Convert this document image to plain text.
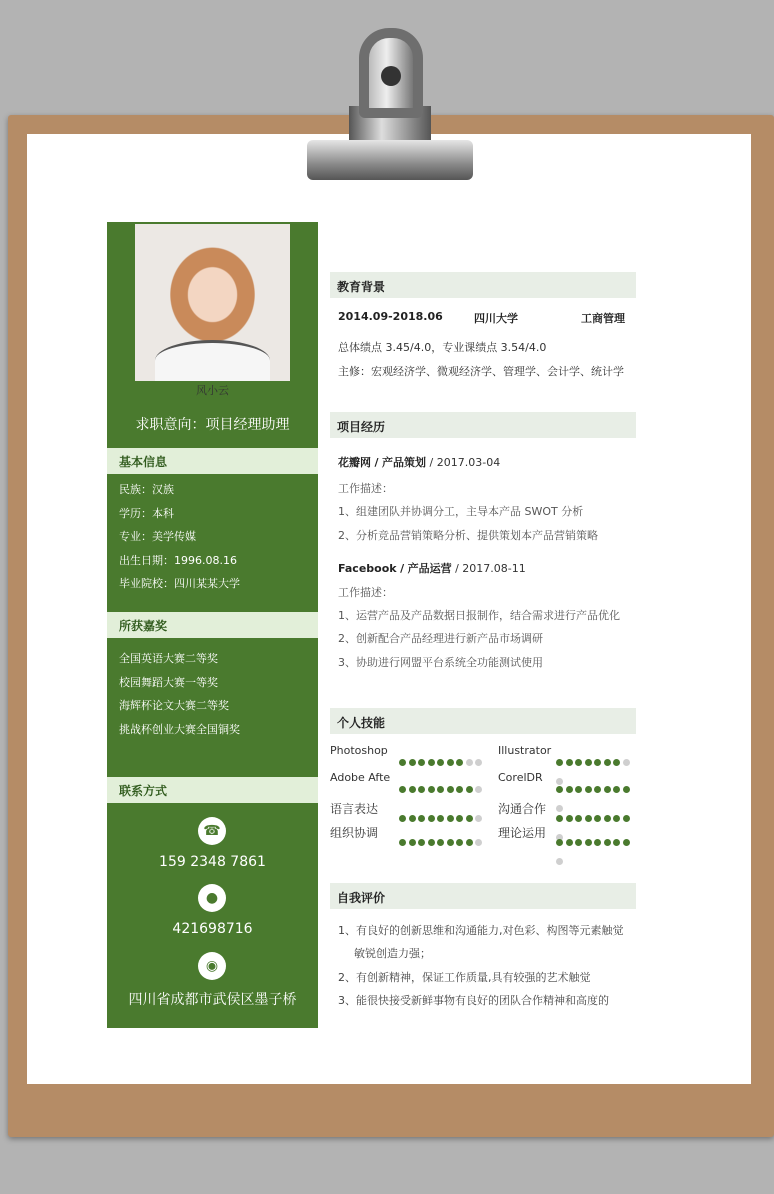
风小云
求职意向：项目经理助理
基本信息
民族：汉族
学历：本科
专业：美学传媒
出生日期：1996.08.16
毕业院校：四川某某大学
所获嘉奖
全国英语大赛二等奖
校园舞蹈大赛一等奖
海辉杯论文大赛二等奖
挑战杯创业大赛全国铜奖
联系方式
☎
159 2348 7861
●
421698716
◉
四川省成都市武侯区墨子桥
教育背景
2014.09-2018.06	四川大学	工商管理
总体绩点 3.45/4.0，专业课绩点 3.54/4.0
主修：宏观经济学、微观经济学、管理学、会计学、统计学
项目经历
花瓣网 / 产品策划 / 2017.03-04
工作描述：
1、组建团队并协调分工，主导本产品 SWOT 分析
2、分析竞品营销策略分析、提供策划本产品营销策略
Facebook / 产品运营 / 2017.08-11
工作描述：
1、运营产品及产品数据日报制作，结合需求进行产品优化
2、创新配合产品经理进行新产品市场调研
3、协助进行网盟平台系统全功能测试使用
个人技能
Photoshop	Illustrator
Adobe Afte	CorelDR
语言表达	沟通合作
组织协调	理论运用
自我评价
1、有良好的创新思维和沟通能力,对色彩、构图等元素触觉
敏锐创造力强；
2、有创新精神，保证工作质量,具有较强的艺术触觉
3、能很快接受新鲜事物有良好的团队合作精神和高度的
